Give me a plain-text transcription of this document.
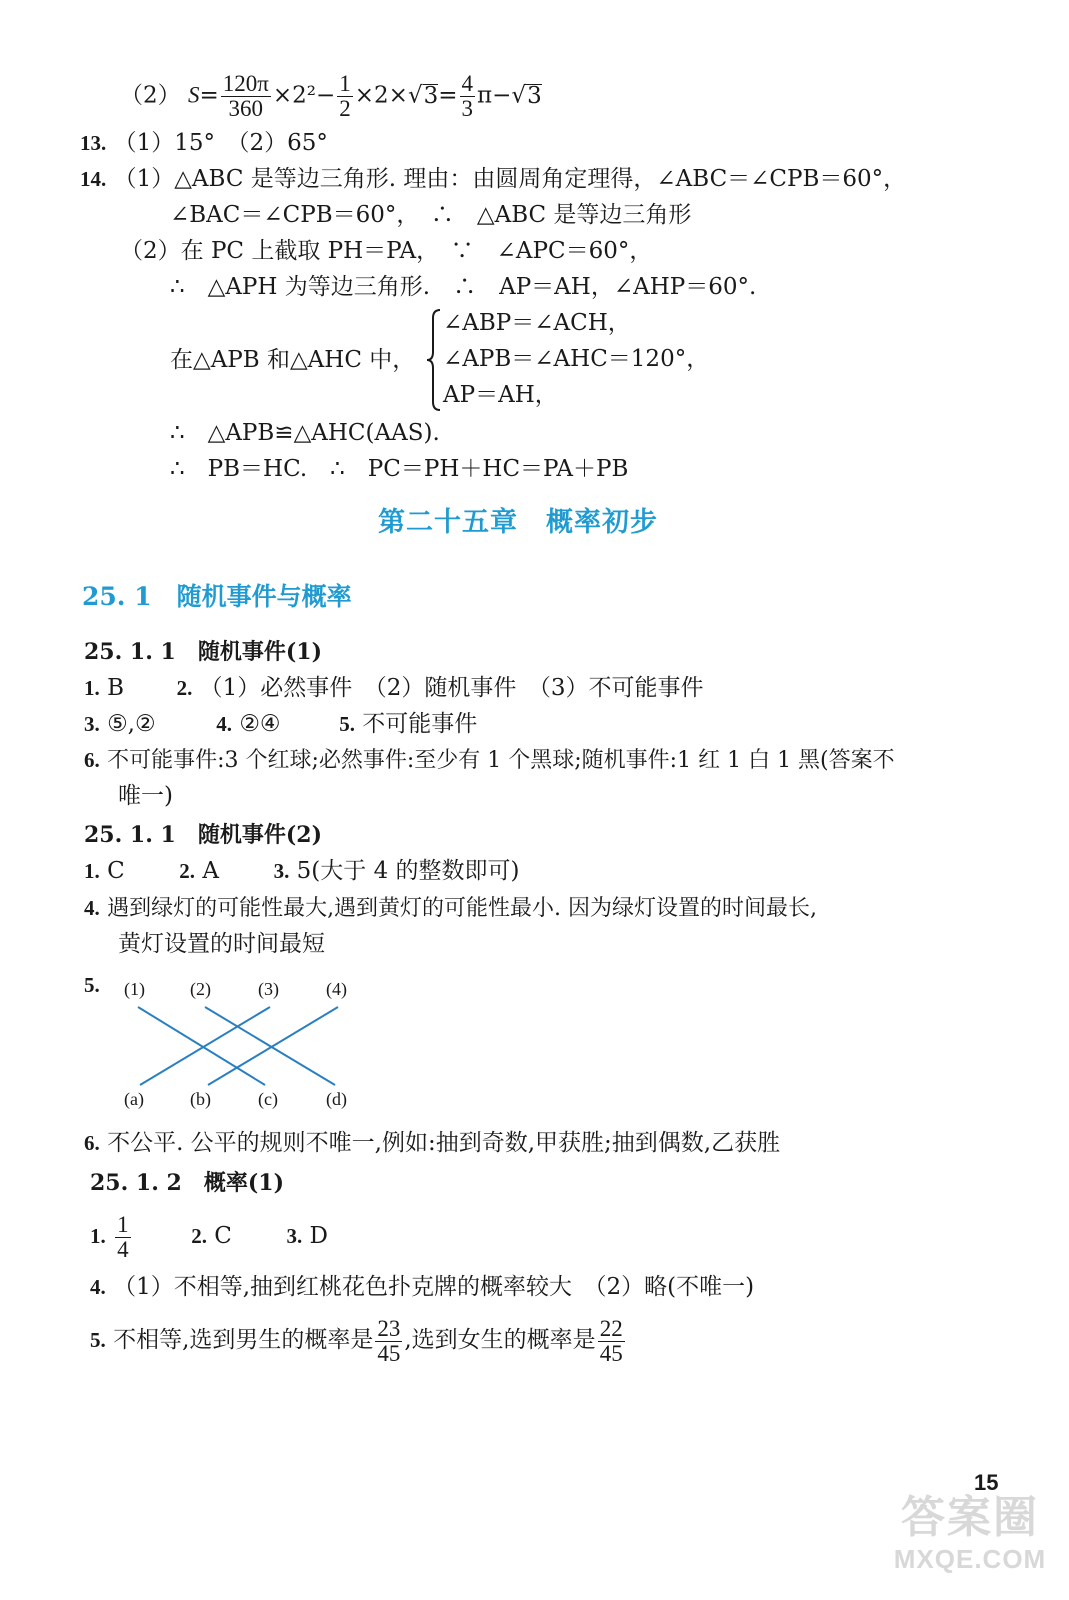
（2） $S= \frac{120\pi}{360} \times 2^2- \frac{1}{2} \times 2\times√3= \frac{4}{3} \pi-√3$
13. （1）15°　（2）65°
14. （1）△ABC 是等边三角形. 理由：由圆周角定理得，∠ABC＝∠CPB＝60°，
∠BAC＝∠CPB＝60°，　∴　△ABC 是等边三角形
（2）在 PC 上截取 PH＝PA，　∵　∠APC＝60°，
∴　△APH 为等边三角形.　∴　AP＝AH，∠AHP＝60°.
在△APB 和△AHC 中，
∠ABP＝∠ACH，
∠APB＝∠AHC＝120°，
AP＝AH，
∴　△APB≌△AHC(AAS).
∴　PB＝HC.　∴　PC＝PH＋HC＝PA＋PB
第二十五章　概率初步
25. 1　随机事件与概率
25. 1. 1　随机事件(1)
1. B	2. （1）必然事件　（2）随机事件　（3）不可能事件
3. ⑤,②	4. ②④	5. 不可能事件
6. 不可能事件:3 个红球;必然事件:至少有 1 个黑球;随机事件:1 红 1 白 1 黑(答案不
唯一)
25. 1. 1　随机事件(2)
1. C	2. A	3. 5(大于 4 的整数即可)
4. 遇到绿灯的可能性最大,遇到黄灯的可能性最小. 因为绿灯设置的时间最长,
黄灯设置的时间最短
5. (1)	(2)	(3)	(4)
(a)	(b)	(c)	(d)
6. 不公平. 公平的规则不唯一,例如:抽到奇数,甲获胜;抽到偶数,乙获胜
25. 1. 2　概率(1)
1. $\frac{1}{4}$	2. C	3. D
4. （1）不相等,抽到红桃花色扑克牌的概率较大　（2）略(不唯一)
5. 不相等,选到男生的概率是 $\frac{23}{45}$ ,选到女生的概率是 $\frac{22}{45}$
15
答案圈
MXQE.COM
